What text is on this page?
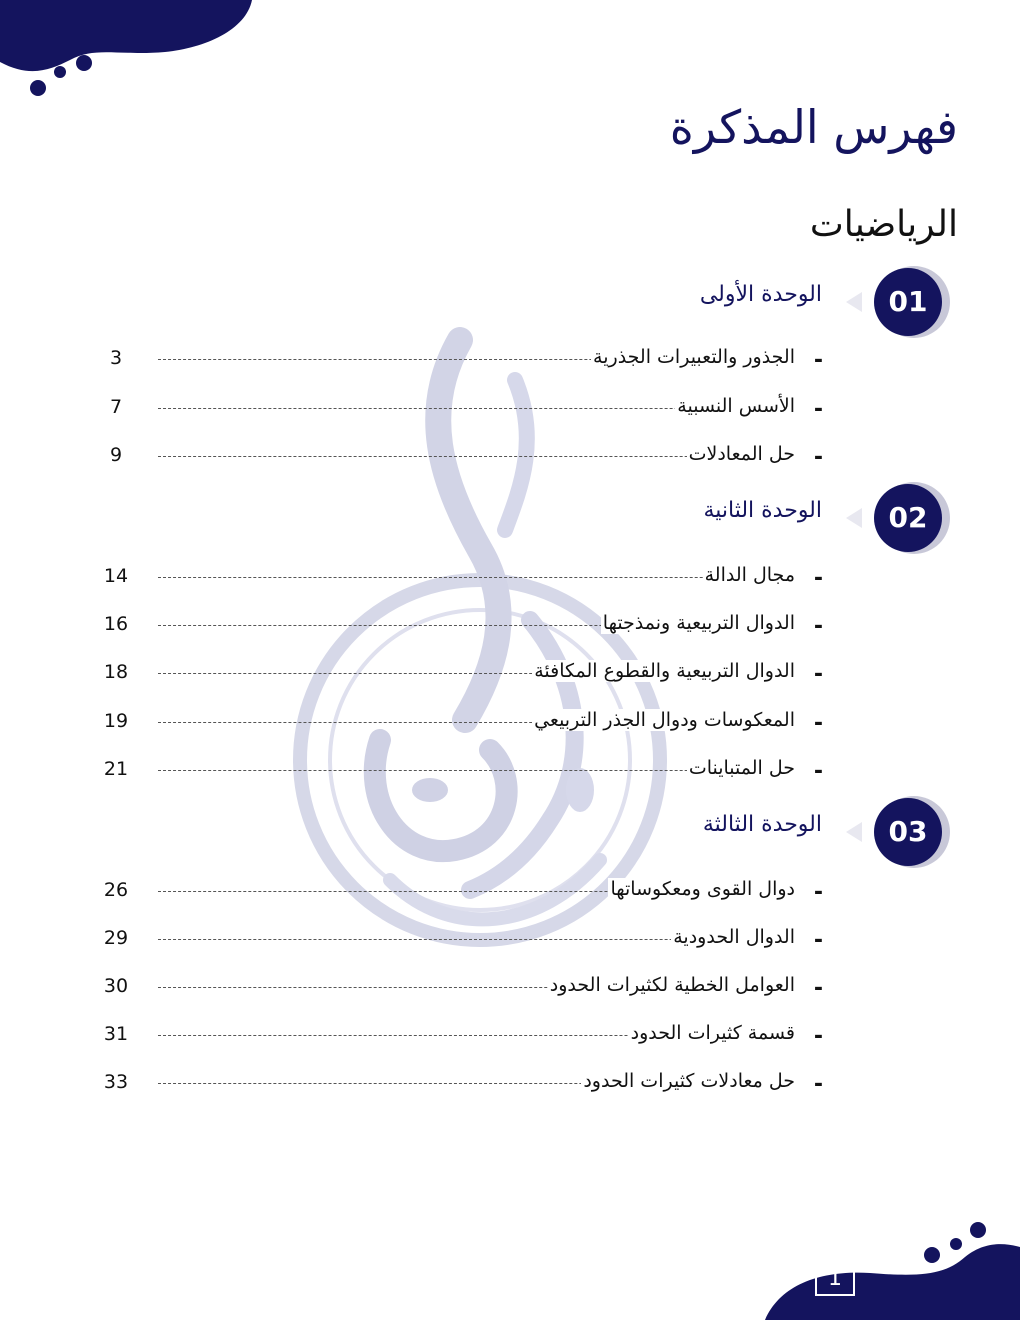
فهرس المذكرة
الرياضيات
01
الوحدة الأولى
3	الجذور والتعبيرات الجذرية -
7	الأسس النسبية -
9	حل المعادلات -
02
الوحدة الثانية
14	مجال الدالة -
16	الدوال التربيعية ونمذجتها -
18	الدوال التربيعية والقطوع المكافئة -
19	المعكوسات ودوال الجذر التربيعي -
21	حل المتباينات -
03
الوحدة الثالثة
26	دوال القوى ومعكوساتها -
29	الدوال الحدودية -
30	العوامل الخطية لكثيرات الحدود -
31	قسمة كثيرات الحدود -
33	حل معادلات كثيرات الحدود -
1
